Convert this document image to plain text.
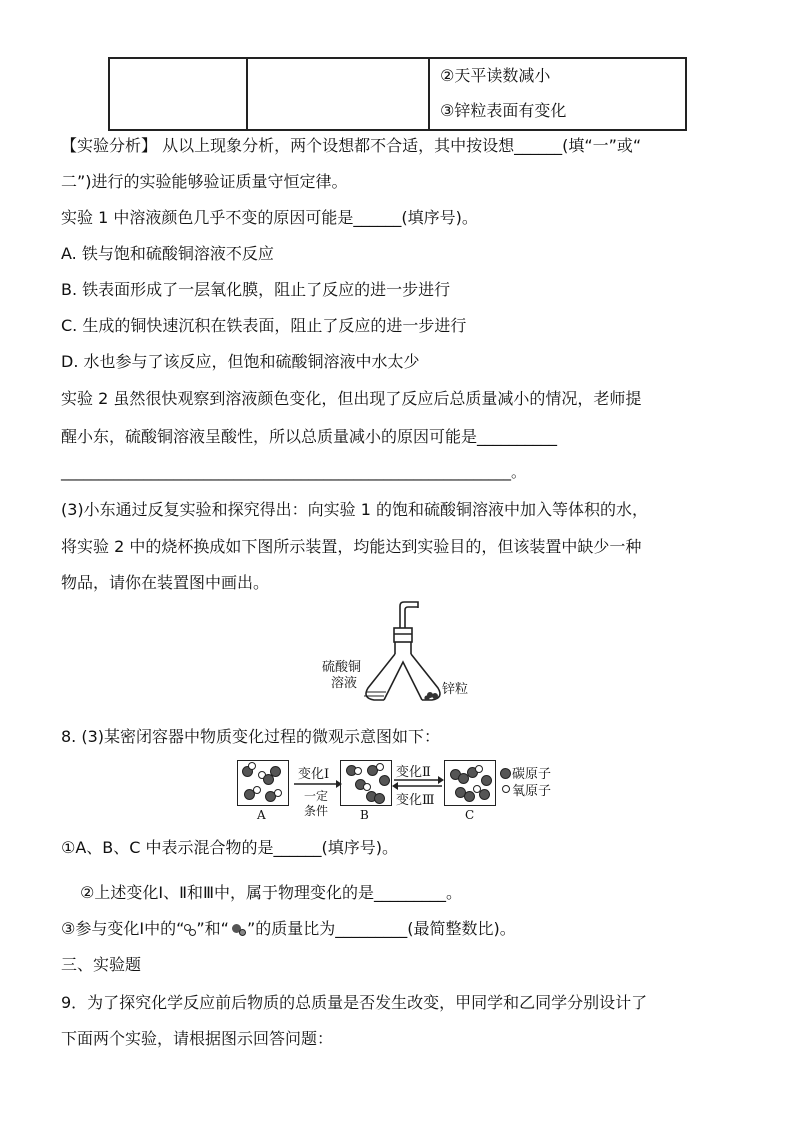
②天平读数减小
③锌粒表面有变化
【实验分析】 从以上现象分析，两个设想都不合适，其中按设想______(填“一”或“
二”)进行的实验能够验证质量守恒定律。
实验 1 中溶液颜色几乎不变的原因可能是______(填序号)。
A. 铁与饱和硫酸铜溶液不反应
B. 铁表面形成了一层氧化膜，阻止了反应的进一步进行
C. 生成的铜快速沉积在铁表面，阻止了反应的进一步进行
D. 水也参与了该反应，但饱和硫酸铜溶液中水太少
实验 2 虽然很快观察到溶液颜色变化，但出现了反应后总质量减小的情况，老师提
醒小东，硫酸铜溶液呈酸性，所以总质量减小的原因可能是__________
____________________________________________________________。
(3)小东通过反复实验和探究得出：向实验 1 的饱和硫酸铜溶液中加入等体积的水，
将实验 2 中的烧杯换成如下图所示装置，均能达到实验目的，但该装置中缺少一种
物品，请你在装置图中画出。
硫酸铜
溶液	锌粒
8. (3)某密闭容器中物质变化过程的微观示意图如下：
A
变化Ⅰ
一定
条件	B
变化Ⅱ
变化Ⅲ
C
碳原子
氧原子
①A、B、C 中表示混合物的是______(填序号)。
②上述变化Ⅰ、Ⅱ和Ⅲ中，属于物理变化的是_________。
③参与变化Ⅰ中的“ ”和“ ”的质量比为_________(最简整数比)。
三、实验题
9．为了探究化学反应前后物质的总质量是否发生改变，甲同学和乙同学分别设计了
下面两个实验，请根据图示回答问题：
